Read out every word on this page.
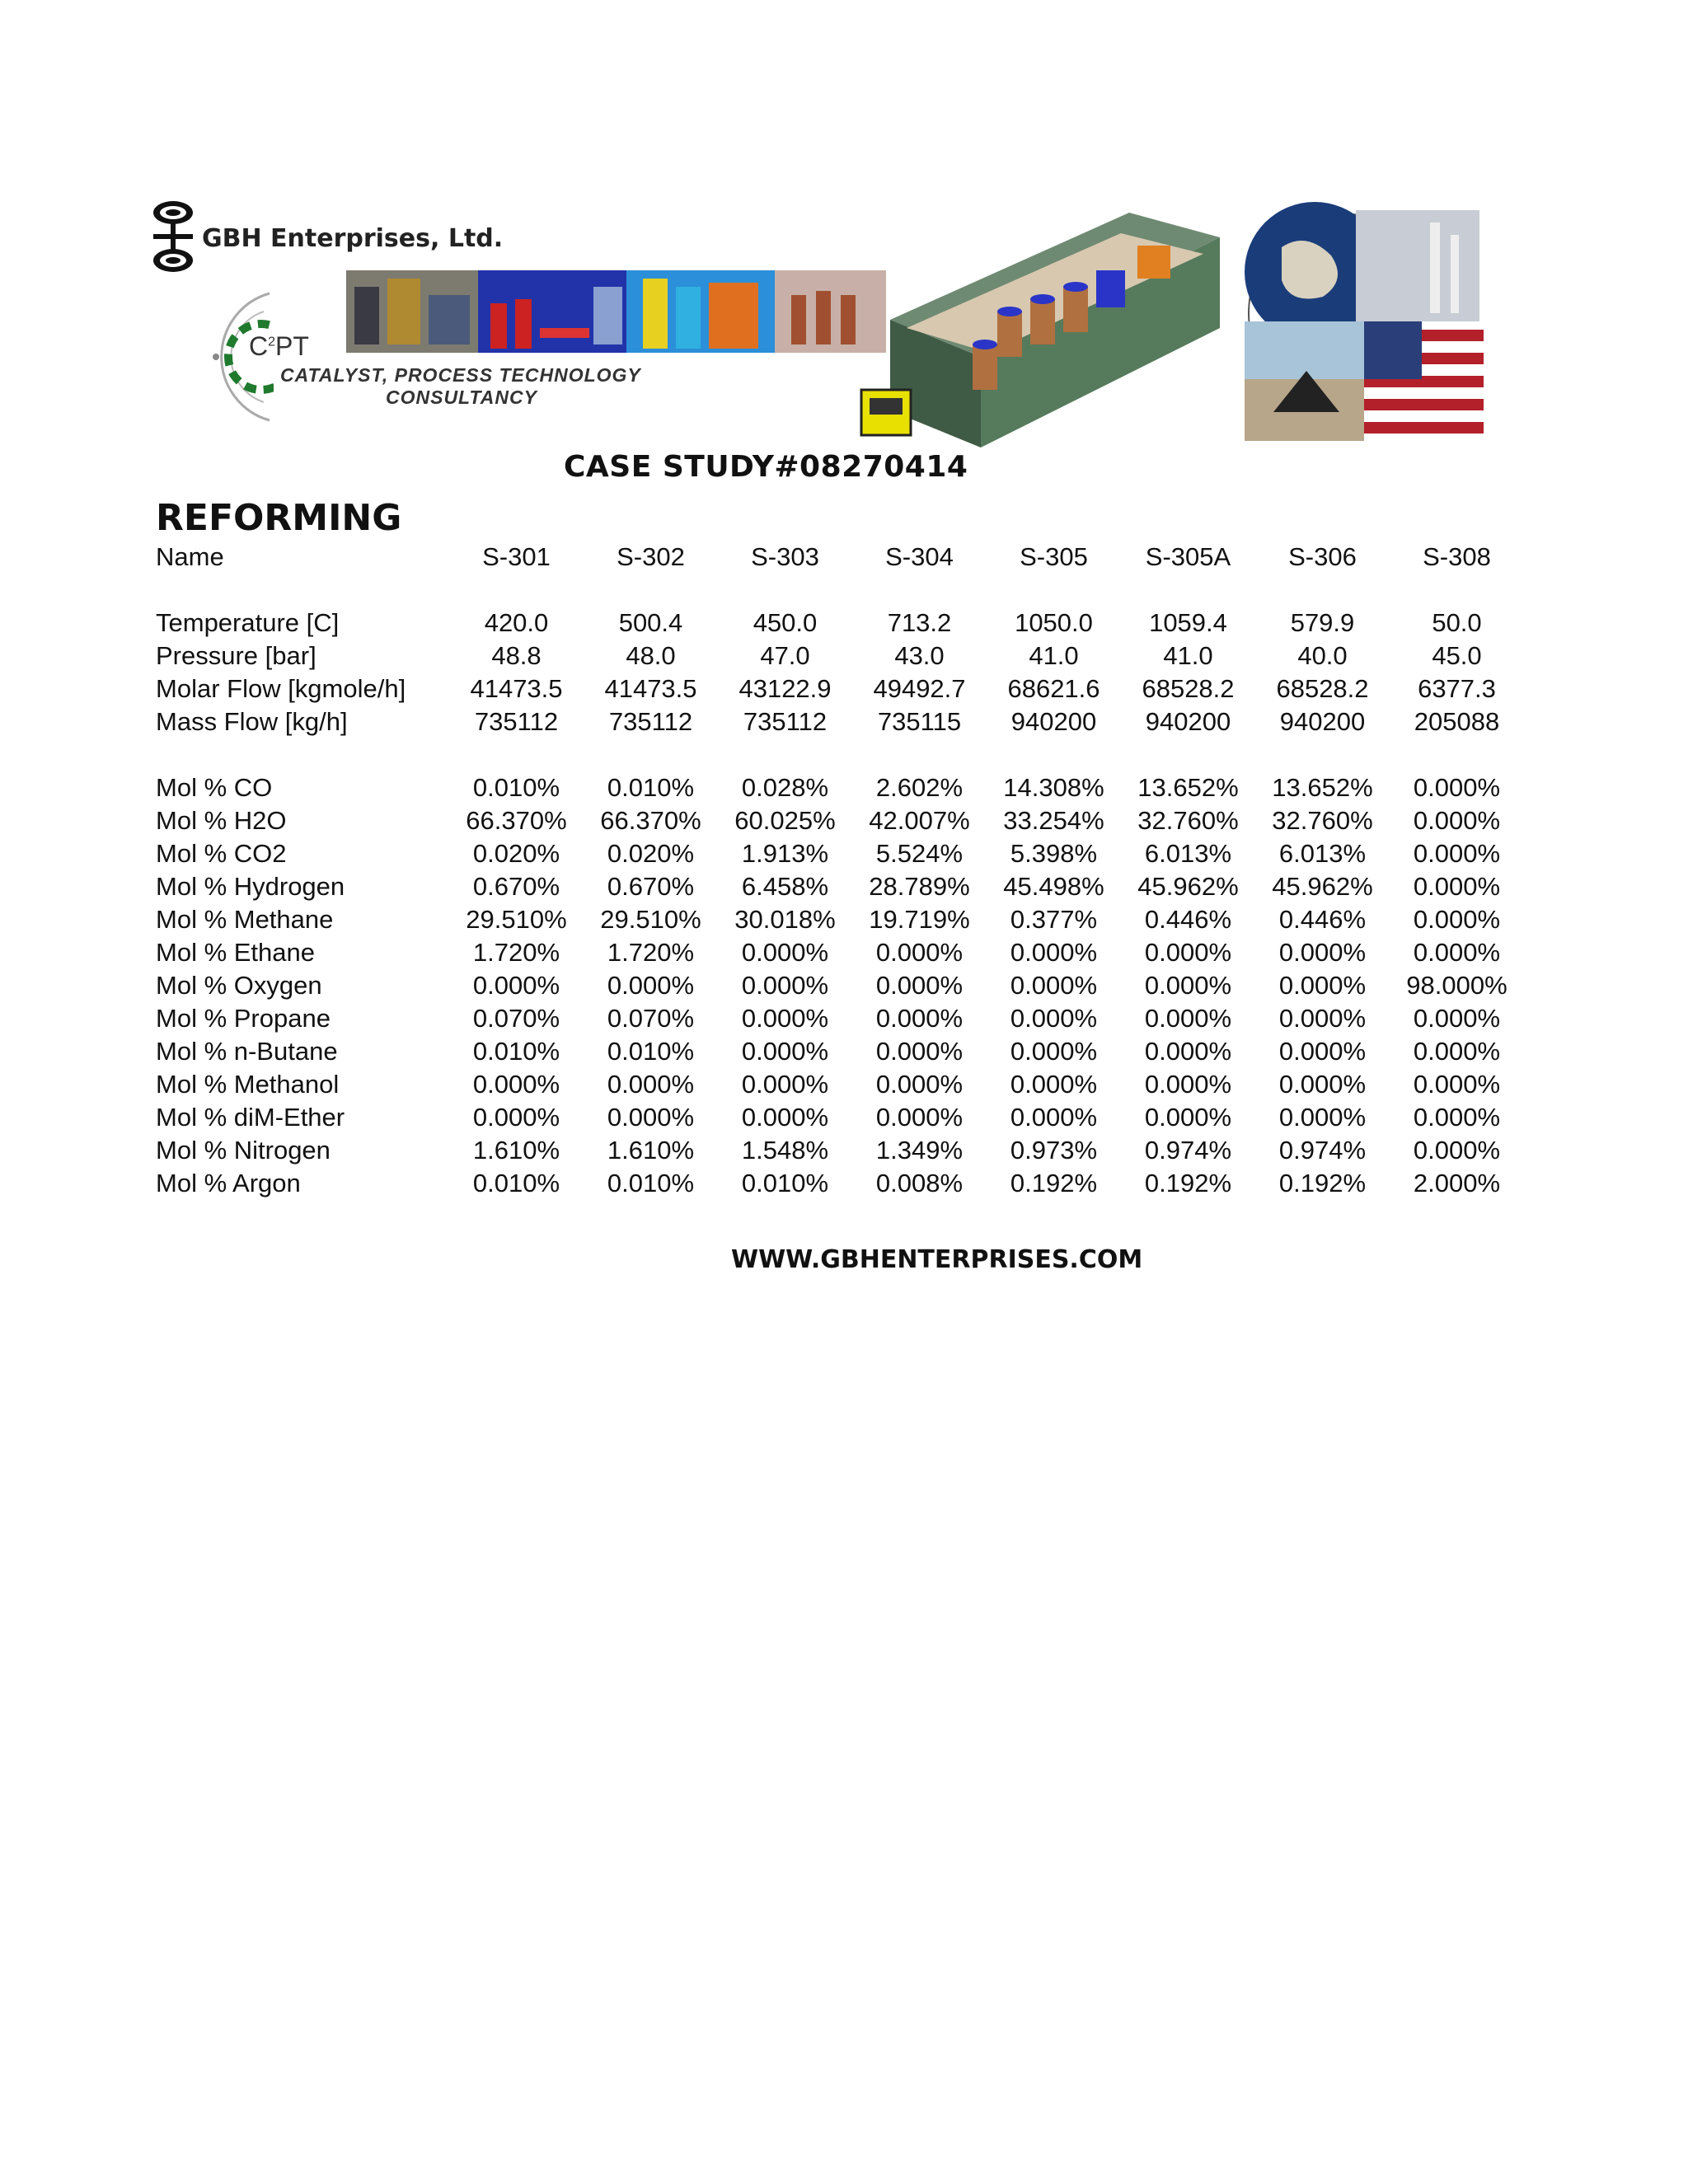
GBH Enterprises, Ltd.
$C^2PT$
CATALYST, PROCESS TECHNOLOGY
CONSULTANCY
CASE STUDY#08270414
REFORMING
Name	S-301	S-302	S-303	S-304	S-305	S-305A	S-306	S-308

Temperature [C]	420.0	500.4	450.0	713.2	1050.0	1059.4	579.9	50.0
Pressure [bar]	48.8	48.0	47.0	43.0	41.0	41.0	40.0	45.0
Molar Flow [kgmole/h]	41473.5	41473.5	43122.9	49492.7	68621.6	68528.2	68528.2	6377.3
Mass Flow [kg/h]	735112	735112	735112	735115	940200	940200	940200	205088

Mol % CO	0.010%	0.010%	0.028%	2.602%	14.308%	13.652%	13.652%	0.000%
Mol % H2O	66.370%	66.370%	60.025%	42.007%	33.254%	32.760%	32.760%	0.000%
Mol % CO2	0.020%	0.020%	1.913%	5.524%	5.398%	6.013%	6.013%	0.000%
Mol % Hydrogen	0.670%	0.670%	6.458%	28.789%	45.498%	45.962%	45.962%	0.000%
Mol % Methane	29.510%	29.510%	30.018%	19.719%	0.377%	0.446%	0.446%	0.000%
Mol % Ethane	1.720%	1.720%	0.000%	0.000%	0.000%	0.000%	0.000%	0.000%
Mol % Oxygen	0.000%	0.000%	0.000%	0.000%	0.000%	0.000%	0.000%	98.000%
Mol % Propane	0.070%	0.070%	0.000%	0.000%	0.000%	0.000%	0.000%	0.000%
Mol % n-Butane	0.010%	0.010%	0.000%	0.000%	0.000%	0.000%	0.000%	0.000%
Mol % Methanol	0.000%	0.000%	0.000%	0.000%	0.000%	0.000%	0.000%	0.000%
Mol % diM-Ether	0.000%	0.000%	0.000%	0.000%	0.000%	0.000%	0.000%	0.000%
Mol % Nitrogen	1.610%	1.610%	1.548%	1.349%	0.973%	0.974%	0.974%	0.000%
Mol % Argon	0.010%	0.010%	0.010%	0.008%	0.192%	0.192%	0.192%	2.000%
WWW.GBHENTERPRISES.COM
